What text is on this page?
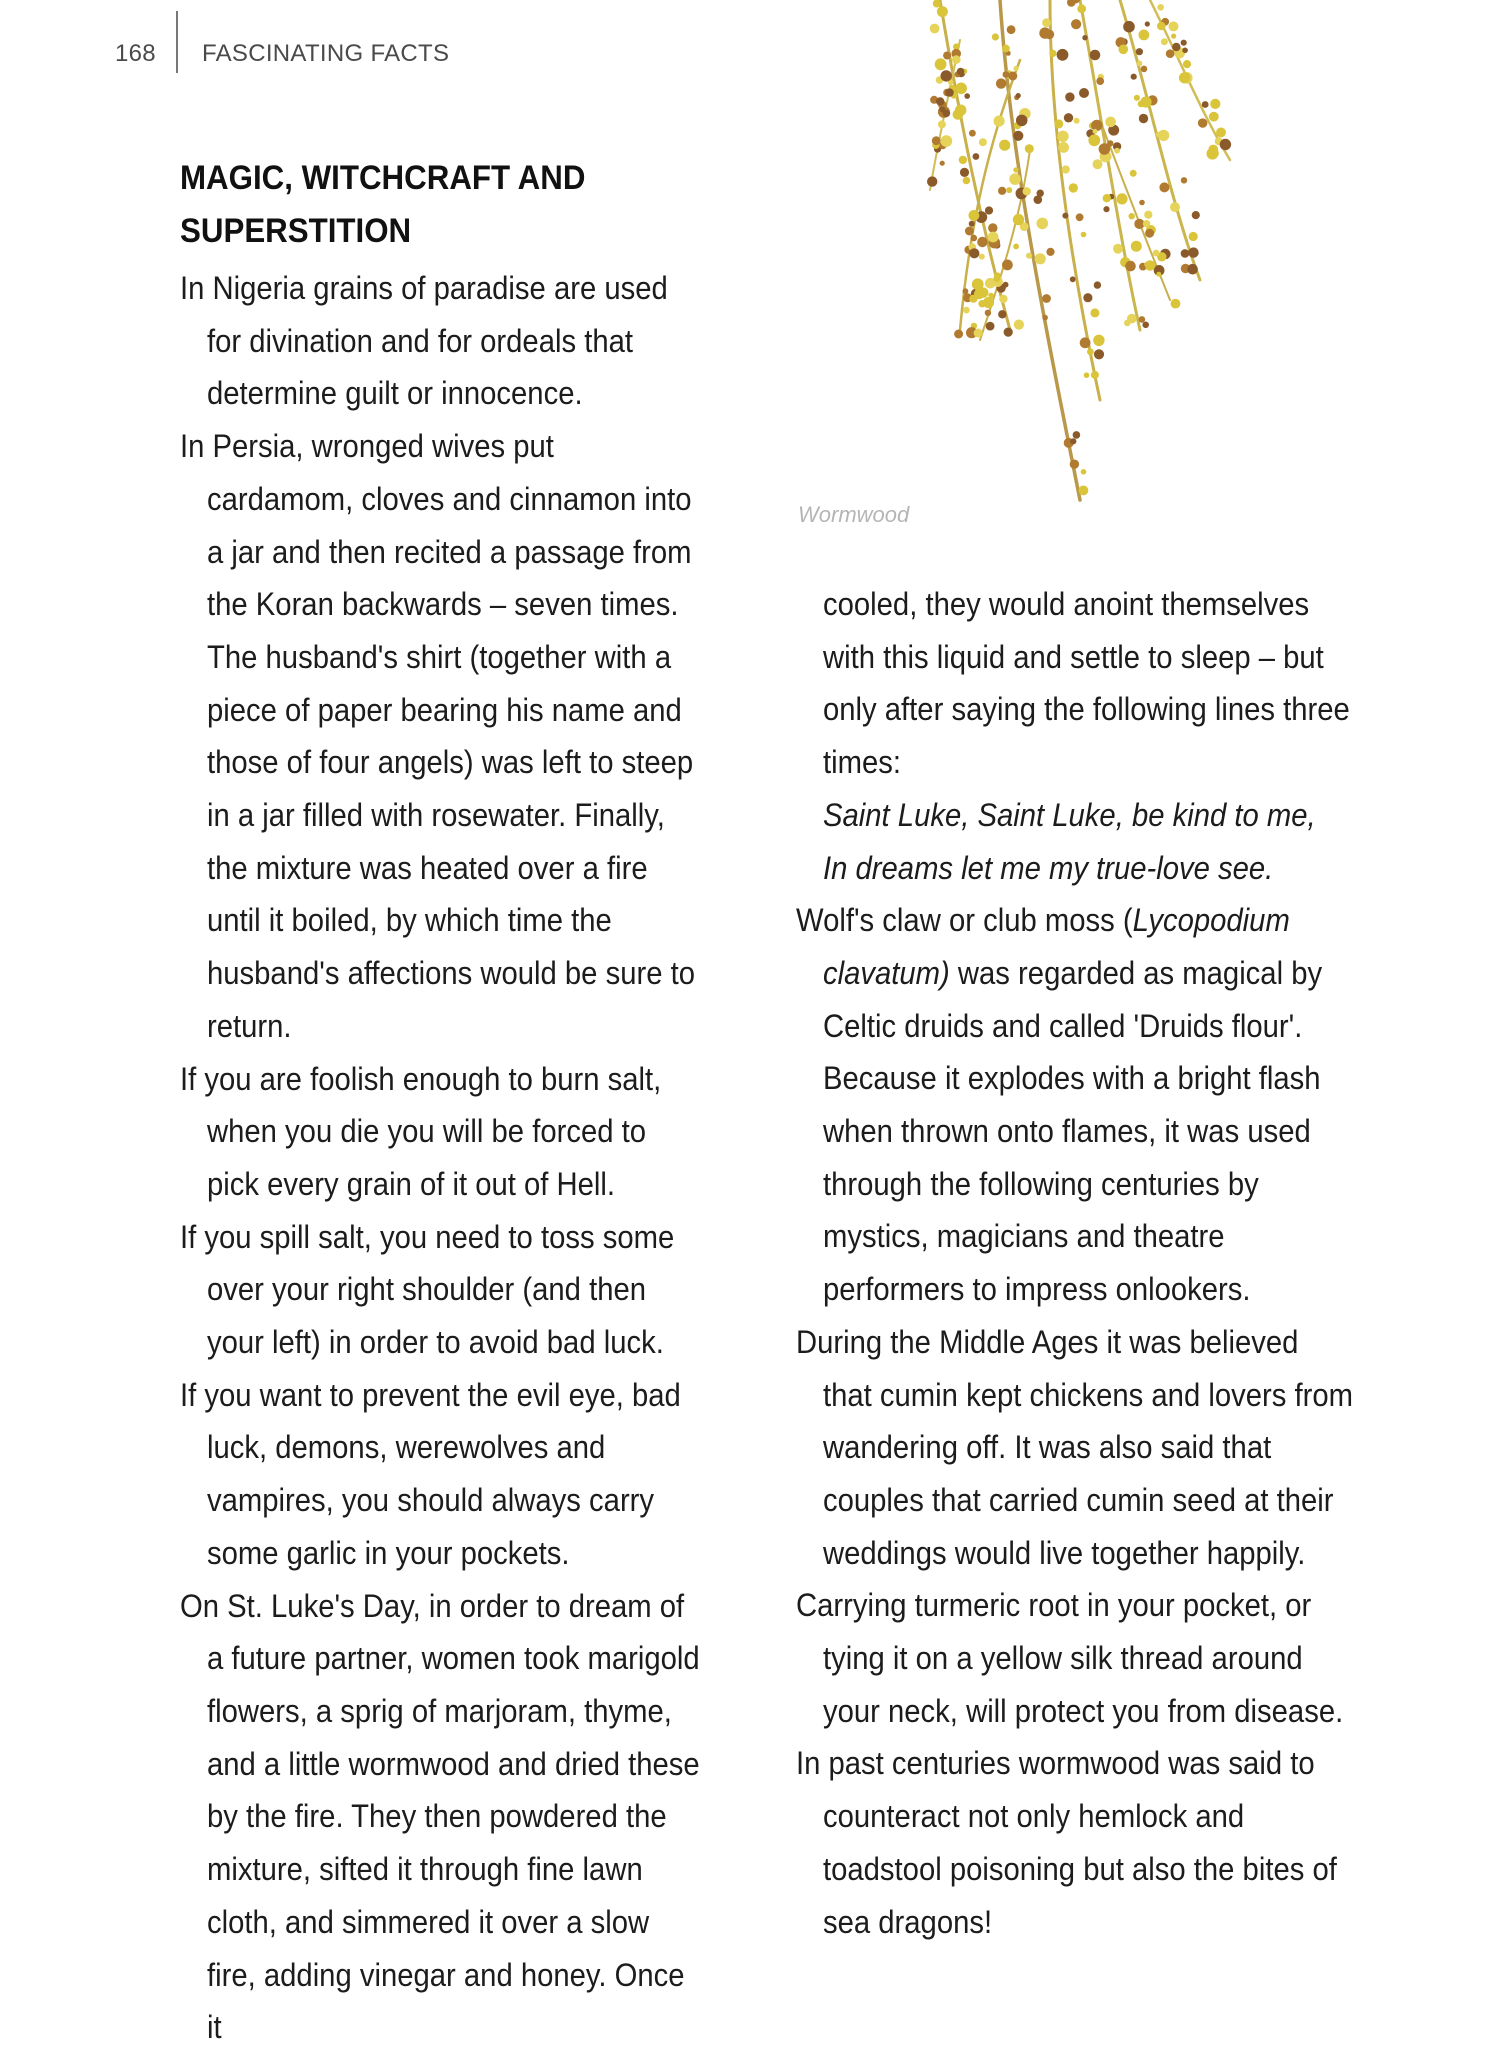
168 FASCINATING FACTS
Wormwood
MAGIC, WITCHCRAFT AND SUPERSTITION

In Nigeria grains of paradise are used for divination and for ordeals that determine guilt or innocence.

In Persia, wronged wives put cardamom, cloves and cinnamon into a jar and then recited a passage from the Koran backwards – seven times. The husband's shirt (together with a piece of paper bearing his name and those of four angels) was left to steep in a jar filled with rosewater. Finally, the mixture was heated over a fire until it boiled, by which time the husband's affections would be sure to return.

If you are foolish enough to burn salt, when you die you will be forced to pick every grain of it out of Hell.

If you spill salt, you need to toss some over your right shoulder (and then your left) in order to avoid bad luck.

If you want to prevent the evil eye, bad luck, demons, werewolves and vampires, you should always carry some garlic in your pockets.

On St. Luke's Day, in order to dream of a future partner, women took marigold flowers, a sprig of marjoram, thyme, and a little wormwood and dried these by the fire. They then powdered the mixture, sifted it through fine lawn cloth, and simmered it over a slow fire, adding vinegar and honey. Once it

cooled, they would anoint themselves with this liquid and settle to sleep – but only after saying the following lines three times:

Saint Luke, Saint Luke, be kind to me,

In dreams let me my true-love see.

Wolf's claw or club moss (Lycopodium clavatum) was regarded as magical by Celtic druids and called 'Druids flour'. Because it explodes with a bright flash when thrown onto flames, it was used through the following centuries by mystics, magicians and theatre performers to impress onlookers.

During the Middle Ages it was believed that cumin kept chickens and lovers from wandering off. It was also said that couples that carried cumin seed at their weddings would live together happily.

Carrying turmeric root in your pocket, or tying it on a yellow silk thread around your neck, will protect you from disease.

In past centuries wormwood was said to counteract not only hemlock and toadstool poisoning but also the bites of sea dragons!
